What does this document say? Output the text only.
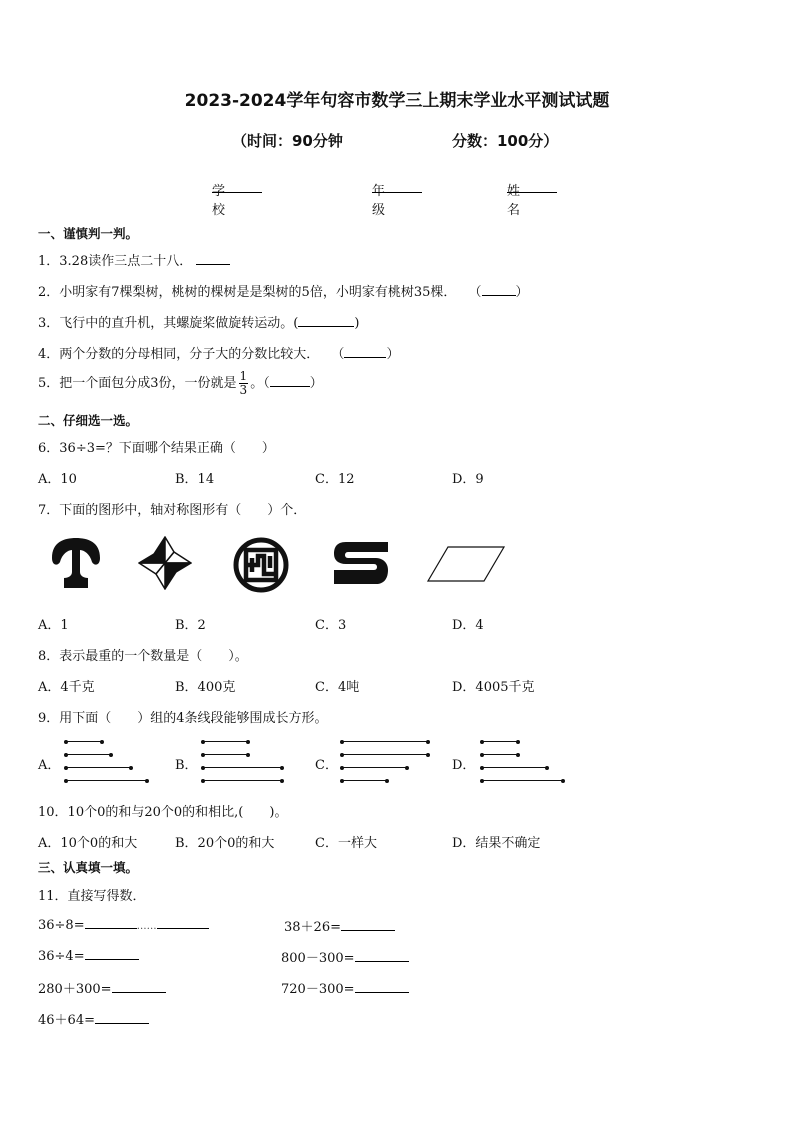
2023-2024学年句容市数学三上期末学业水平测试试题
（时间：90分钟	分数：100分）
学校
年级
姓名
一、谨慎判一判。
1．3.28读作三点二十八．
2．小明家有7棵梨树，桃树的棵树是是梨树的5倍，小明家有桃树35棵． （	）
3．飞行中的直升机，其螺旋桨做旋转运动。(	)
4．两个分数的分母相同，分子大的分数比较大． （	）
5．把一个面包分成3份，一份就是 $\frac{1}{3}$ 。（	）
二、仔细选一选。
6．36÷3=？下面哪个结果正确（　　）
A．10	B．14	C．12	D．9
7．下面的图形中，轴对称图形有（　　）个．
A．1	B．2	C．3	D．4
8．表示最重的一个数量是（　　）。
A．4千克	B．400克	C．4吨	D．4005千克
9．用下面（　　）组的4条线段能够围成长方形。
A．	B．	C．	D．
10．10个0的和与20个0的和相比,(　　)。
A．10个0的和大	B．20个0的和大	C．一样大	D．结果不确定
三、认真填一填。
11．直接写得数．
36÷8=	……	38＋26=
36÷4=	800－300=
280＋300=	720－300=
46＋64=
